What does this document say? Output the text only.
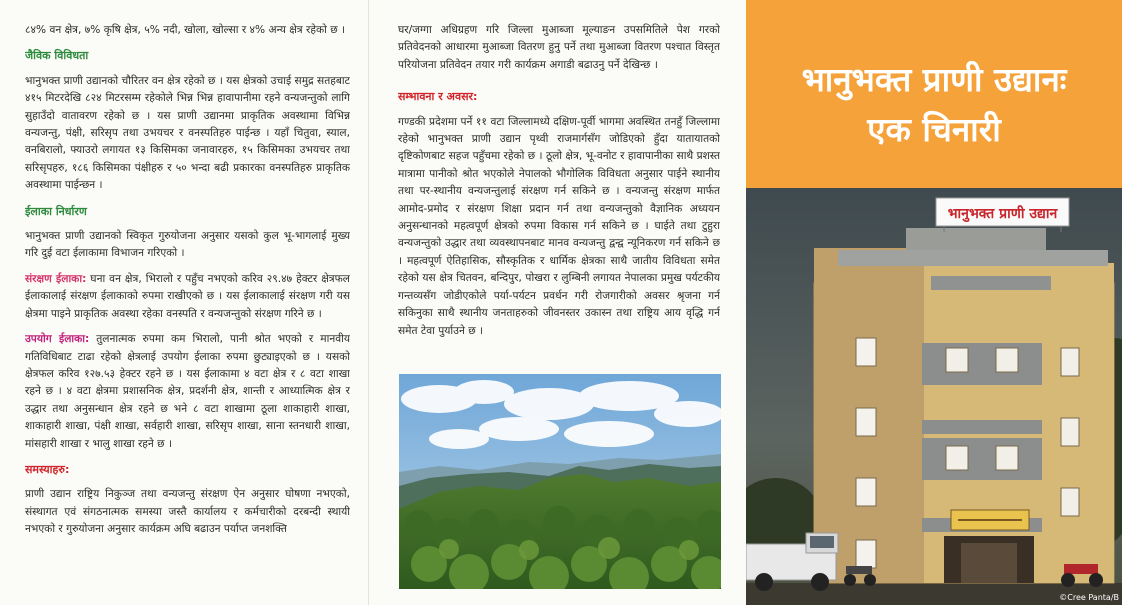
८४% वन क्षेत्र, ७% कृषि क्षेत्र, ५% नदी, खोला, खोल्सा र ४% अन्य क्षेत्र रहेको छ ।

जैविक विविधता

भानुभक्त प्राणी उद्यानको चौरितर वन क्षेत्र रहेको छ । यस क्षेत्रको उचाई समुद्र सतहबाट ४१५ मिटरदेखि ८२४ मिटरसम्म रहेकोले भिन्न भिन्न हावापानीमा रहने वन्यजन्तुको लागि सुहाउँदो वातावरण रहेको छ । यस प्राणी उद्यानमा प्राकृतिक अवस्थामा विभिन्न वन्यजन्तु, पंक्षी, सरिसृप तथा उभयचर र वनस्पतिहरु पाईन्छ । यहाँ चितुवा, स्याल, वनबिरालो, फ्याउरो लगायत १३ किसिमका जनावारहरु, १५ किसिमका उभयचर तथा सरिसृपहरु, १८६ किसिमका पंक्षीहरु र ५० भन्दा बढी प्रकारका वनस्पतिहरु प्राकृतिक अवस्थामा पाईन्छन ।

ईलाका निर्धारण

भानुभक्त प्राणी उद्यानको स्विकृत गुरुयोजना अनुसार यसको कुल भू-भागलाई मुख्य गरि दुई वटा ईलाकामा विभाजन गरिएको ।

संरक्षण ईलाका: घना वन क्षेत्र, भिरालो र पहुँच नभएको करिव २९.४७ हेक्टर क्षेत्रफल ईलाकालाई संरक्षण ईलाकाको रुपमा राखीएको छ । यस ईलाकालाई संरक्षण गरी यस क्षेत्रमा पाइने प्राकृतिक अवस्था रहेका वनस्पति र वन्यजन्तुको संरक्षण गरिने छ ।

उपयोग ईलाका: तुलनात्मक रुपमा कम भिरालो, पानी श्रोत भएको र मानवीय गतिविधिबाट टाढा रहेको क्षेत्रलाई उपयोग ईलाका रुपमा छुट्याइएको छ । यसको क्षेत्रफल करिव १२७.५३ हेक्टर रहने छ । यस ईलाकामा ४ वटा क्षेत्र र ८ वटा शाखा रहने छ । ४ वटा क्षेत्रमा प्रशासनिक क्षेत्र, प्रदर्शनी क्षेत्र, शान्ती र आध्यात्मिक क्षेत्र र उद्धार तथा अनुसन्धान क्षेत्र रहने छ भने ८ वटा शाखामा ठूला शाकाहारी शाखा, शाकाहारी शाखा, पंक्षी शाखा, सर्वहारी शाखा, सरिसृप शाखा, साना स्तनधारी शाखा, मांसहारी शाखा र भालु शाखा रहने छ ।

समस्याहरु:

प्राणी उद्यान राष्ट्रिय निकुञ्ज तथा वन्यजन्तु संरक्षण ऐन अनुसार घोषणा नभएको, संस्थागत एवं संगठनात्मक समस्या जस्तै कार्यालय र कर्मचारीको दरबन्दी स्थायी नभएको र गुरुयोजना अनुसार कार्यक्रम अघि बढाउन पर्याप्त जनशक्ति

घर/जग्गा अधिग्रहण गरि जिल्ला मुआब्जा मूल्याङन उपसमितिले पेश गरको प्रतिवेदनको आधारमा मुआब्जा वितरण हुनु पर्ने तथा मुआब्जा वितरण पश्चात विस्तृत परियोजना प्रतिवेदन तयार गरी कार्यक्रम अगाडी बढाउनु पर्ने देखिन्छ ।

सम्भावना र अवसर:

गण्डकी प्रदेशमा पर्ने ११ वटा जिल्लामध्ये दक्षिण-पूर्वी भागमा अवस्थित तनहुँ जिल्लामा रहेको भानुभक्त प्राणी उद्यान पृथ्वी राजमार्गसँग जोडिएको हुँदा यातायातको दृष्टिकोणबाट सहज पहुँचमा रहेको छ । ठूलो क्षेत्र, भू-वनोट र हावापानीका साथै प्रशस्त मात्रामा पानीको श्रोत भएकोले नेपालको भौगोलिक विविधता अनुसार पाईने स्थानीय तथा पर-स्थानीय वन्यजन्तुलाई संरक्षण गर्न सकिने छ । वन्यजन्तु संरक्षण मार्फत आमोद-प्रमोद र संरक्षण शिक्षा प्रदान गर्न तथा वन्यजन्तुको वैज्ञानिक अध्ययन अनुसन्धानको महत्वपूर्ण क्षेत्रको रुपमा विकास गर्न सकिने छ । घाईते तथा टुहुरा वन्यजन्तुको उद्धार तथा व्यवस्थापनबाट मानव वन्यजन्तु द्वन्द्व न्यूनिकरण गर्न सकिने छ । महत्वपूर्ण ऐतिहासिक, सौस्कृतिक र धार्मिक क्षेत्रका साथै जातीय विविधता समेत रहेको यस क्षेत्र चितवन, बन्दिपुर, पोखरा र लुम्बिनी लगायत नेपालका प्रमुख पर्यटकीय गन्तव्यसँग जोडीएकोले पर्या-पर्यटन प्रवर्धन गरी रोजगारीको अवसर श्रृजना गर्न सकिनुका साथै स्थानीय जनताहरुको जीवनस्तर उकास्न तथा राष्ट्रिय आय वृद्धि गर्न समेत टेवा पुर्याउने छ ।

भानुभक्त प्राणी उद्यानः
एक चिनारी
भानुभक्त प्राणी उद्यान
©Cree Panta/B
